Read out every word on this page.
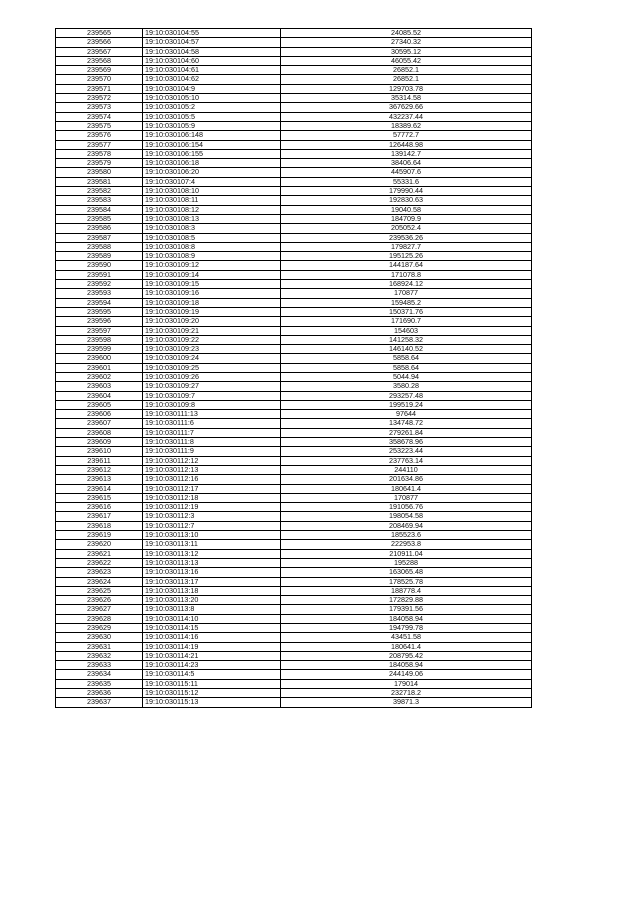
239565	19:10:030104:55	24085.52
239566	19:10:030104:57	27340.32
239567	19:10:030104:58	30595.12
239568	19:10:030104:60	46055.42
239569	19:10:030104:61	26852.1
239570	19:10:030104:62	26852.1
239571	19:10:030104:9	129703.78
239572	19:10:030105:10	35314.58
239573	19:10:030105:2	367629.66
239574	19:10:030105:5	432237.44
239575	19:10:030105:9	18389.62
239576	19:10:030106:148	57772.7
239577	19:10:030106:154	126448.98
239578	19:10:030106:155	139142.7
239579	19:10:030106:18	38406.64
239580	19:10:030106:20	445907.6
239581	19:10:030107:4	55331.6
239582	19:10:030108:10	179990.44
239583	19:10:030108:11	192830.63
239584	19:10:030108:12	19040.58
239585	19:10:030108:13	184709.9
239586	19:10:030108:3	205052.4
239587	19:10:030108:5	239536.26
239588	19:10:030108:8	179827.7
239589	19:10:030108:9	195125.26
239590	19:10:030109:12	144187.64
239591	19:10:030109:14	171078.8
239592	19:10:030109:15	168924.12
239593	19:10:030109:16	170877
239594	19:10:030109:18	159485.2
239595	19:10:030109:19	150371.76
239596	19:10:030109:20	171690.7
239597	19:10:030109:21	154603
239598	19:10:030109:22	141258.32
239599	19:10:030109:23	146140.52
239600	19:10:030109:24	5858.64
239601	19:10:030109:25	5858.64
239602	19:10:030109:26	5044.94
239603	19:10:030109:27	3580.28
239604	19:10:030109:7	293257.48
239605	19:10:030109:8	199519.24
239606	19:10:030111:13	97644
239607	19:10:030111:6	134748.72
239608	19:10:030111:7	279261.84
239609	19:10:030111:8	358678.96
239610	19:10:030111:9	253223.44
239611	19:10:030112:12	237763.14
239612	19:10:030112:13	244110
239613	19:10:030112:16	201634.86
239614	19:10:030112:17	180641.4
239615	19:10:030112:18	170877
239616	19:10:030112:19	191056.76
239617	19:10:030112:3	198054.58
239618	19:10:030112:7	208469.94
239619	19:10:030113:10	185523.6
239620	19:10:030113:11	222953.8
239621	19:10:030113:12	210911.04
239622	19:10:030113:13	195288
239623	19:10:030113:16	163065.48
239624	19:10:030113:17	178525.78
239625	19:10:030113:18	188778.4
239626	19:10:030113:20	172829.88
239627	19:10:030113:8	179391.56
239628	19:10:030114:10	184058.94
239629	19:10:030114:15	194799.78
239630	19:10:030114:16	43451.58
239631	19:10:030114:19	180641.4
239632	19:10:030114:21	208795.42
239633	19:10:030114:23	184058.94
239634	19:10:030114:5	244149.06
239635	19:10:030115:11	179014
239636	19:10:030115:12	232718.2
239637	19:10:030115:13	39871.3
